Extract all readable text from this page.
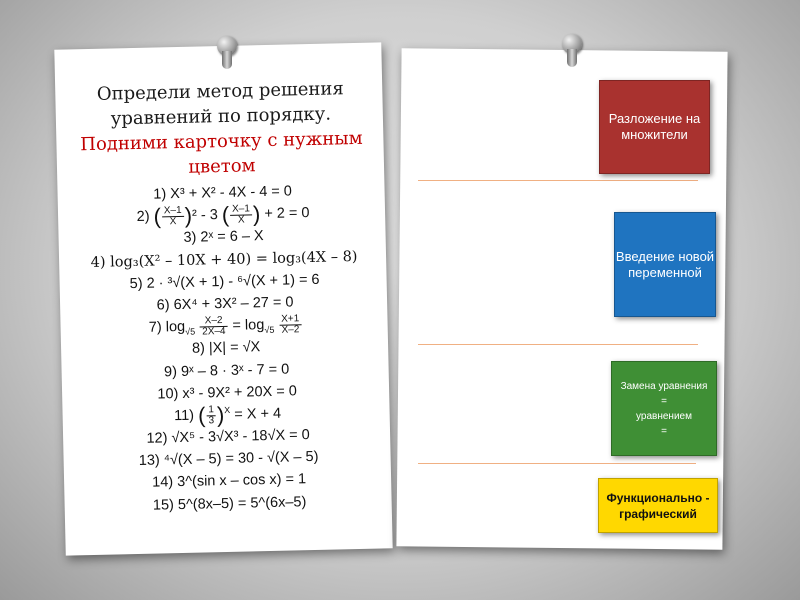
Определи метод решения
уравнений по порядку.
Подними карточку с нужным
цветом
1) X³ + X² - 4X - 4 = 0
2) ( $\frac{X-1}{X} )^2 - 3$ ( $\frac{X-1}{X}$ ) + 2 = 0
3) 2ˣ = 6 – X
4) log₃(X² – 10X + 40) = log₃(4X – 8)
5) 2 · ³√(X + 1) - ⁶√(X + 1) = 6
6) 6X⁴ + 3X² – 27 = 0
7) $\log_{√5} \frac{X-2}{2X-4} = \log_{√5} \frac{X+1}{X-2}$
8) |X| = √X
9) 9ˣ – 8 · 3ˣ - 7 = 0
10) x³ - 9X² + 20X = 0
11) ( $\frac{1}{3} )^X = X + 4$
12) √X⁵ - 3√X³ - 18√X = 0
13) ⁴√(X – 5) = 30 - √(X – 5)
14) 3^(sin x – cos x) = 1
15) 5^(8x–5) = 5^(6x–5)
Разложение на множители
Введение новой переменной
Замена уравнения
=
уравнением
=
Функционально - графический
